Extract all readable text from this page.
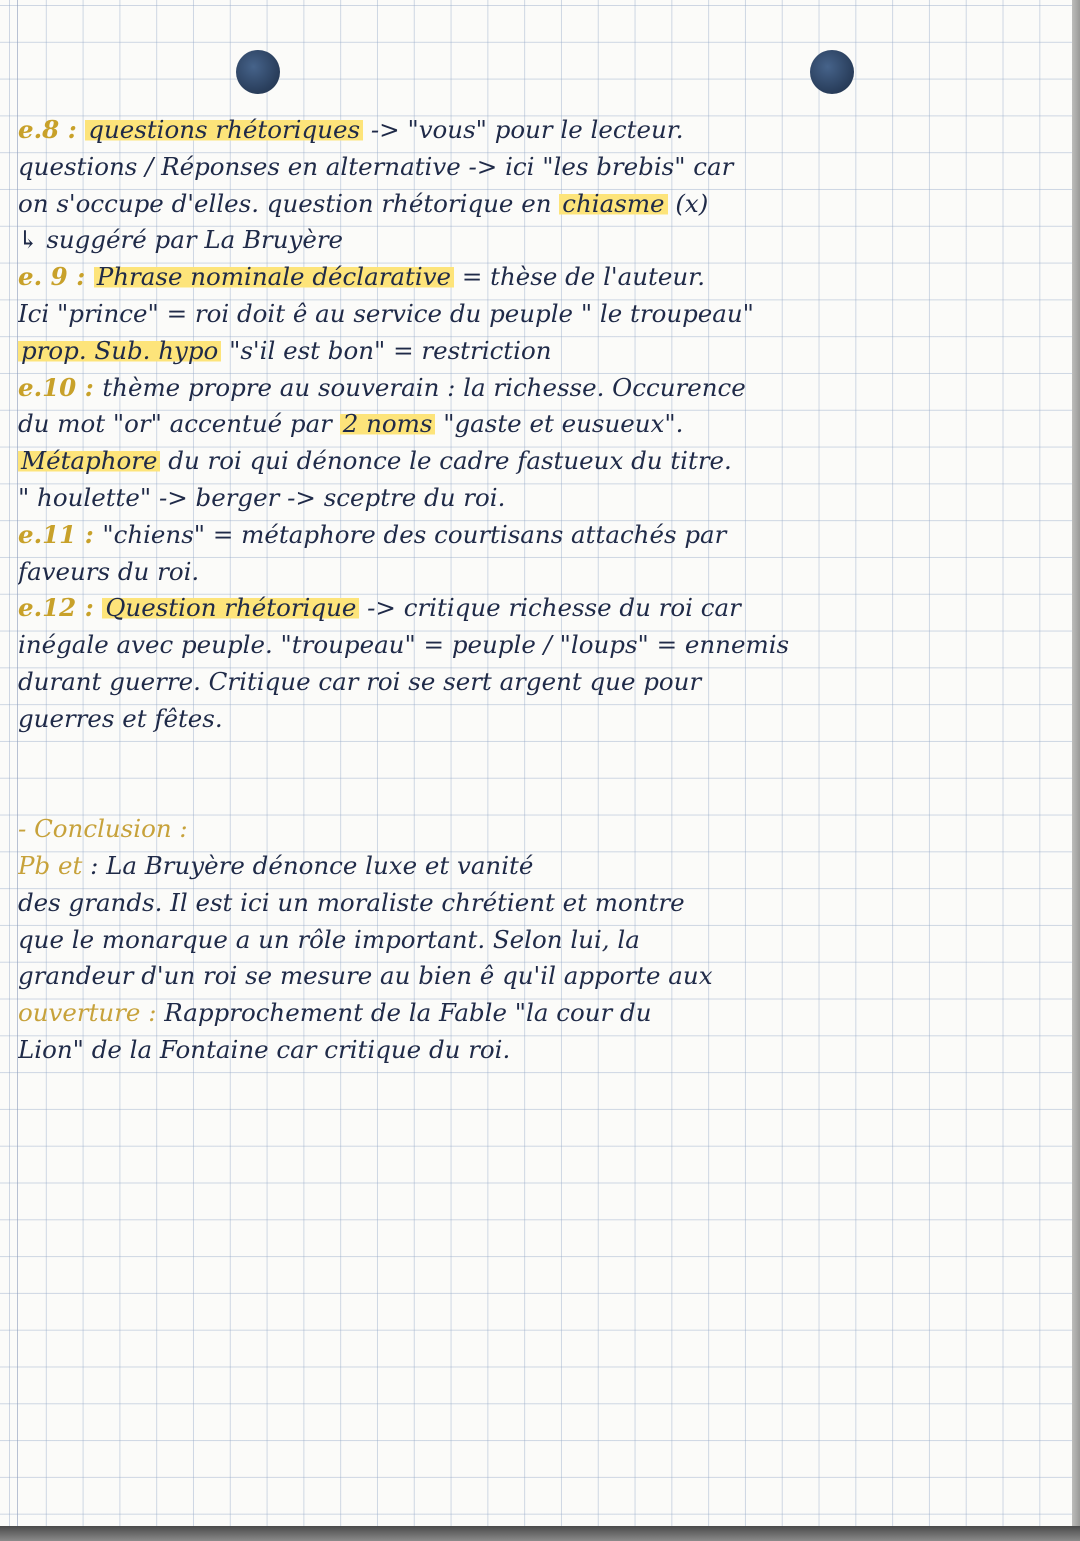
e.8 : questions rhétoriques -> "vous" pour le lecteur.
questions / Réponses en alternative -> ici "les brebis" car
on s'occupe d'elles. question rhétorique en chiasme (x)
↳ suggéré par La Bruyère
e. 9 : Phrase nominale déclarative = thèse de l'auteur.
Ici "prince" = roi doit ê au service du peuple " le troupeau"
prop. Sub. hypo "s'il est bon" = restriction
e.10 : thème propre au souverain : la richesse. Occurence
du mot "or" accentué par 2 noms "gaste et eusueux".
Métaphore du roi qui dénonce le cadre fastueux du titre.
" houlette" -> berger -> sceptre du roi.
e.11 : "chiens" = métaphore des courtisans attachés par
faveurs du roi.
e.12 : Question rhétorique -> critique richesse du roi car
inégale avec peuple. "troupeau" = peuple / "loups" = ennemis
durant guerre. Critique car roi se sert argent que pour
guerres et fêtes.
- Conclusion :
Pb et : La Bruyère dénonce luxe et vanité
des grands. Il est ici un moraliste chrétient et montre
que le monarque a un rôle important. Selon lui, la
grandeur d'un roi se mesure au bien ê qu'il apporte aux
ouverture : Rapprochement de la Fable "la cour du
Lion" de la Fontaine car critique du roi.
